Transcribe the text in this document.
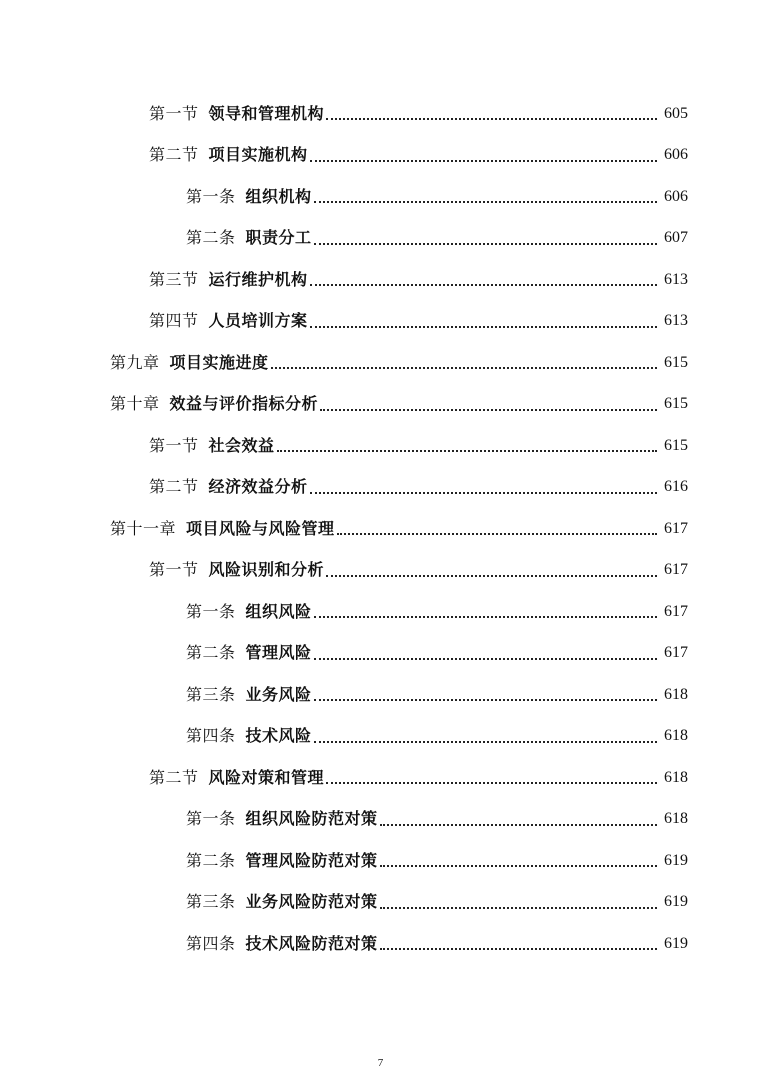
第一节 领导和管理机构	605
第二节 项目实施机构	606
第一条 组织机构	606
第二条 职责分工	607
第三节 运行维护机构	613
第四节 人员培训方案	613
第九章 项目实施进度	615
第十章 效益与评价指标分析	615
第一节 社会效益	615
第二节 经济效益分析	616
第十一章 项目风险与风险管理	617
第一节 风险识别和分析	617
第一条 组织风险	617
第二条 管理风险	617
第三条 业务风险	618
第四条 技术风险	618
第二节 风险对策和管理	618
第一条 组织风险防范对策	618
第二条 管理风险防范对策	619
第三条 业务风险防范对策	619
第四条 技术风险防范对策	619
7
